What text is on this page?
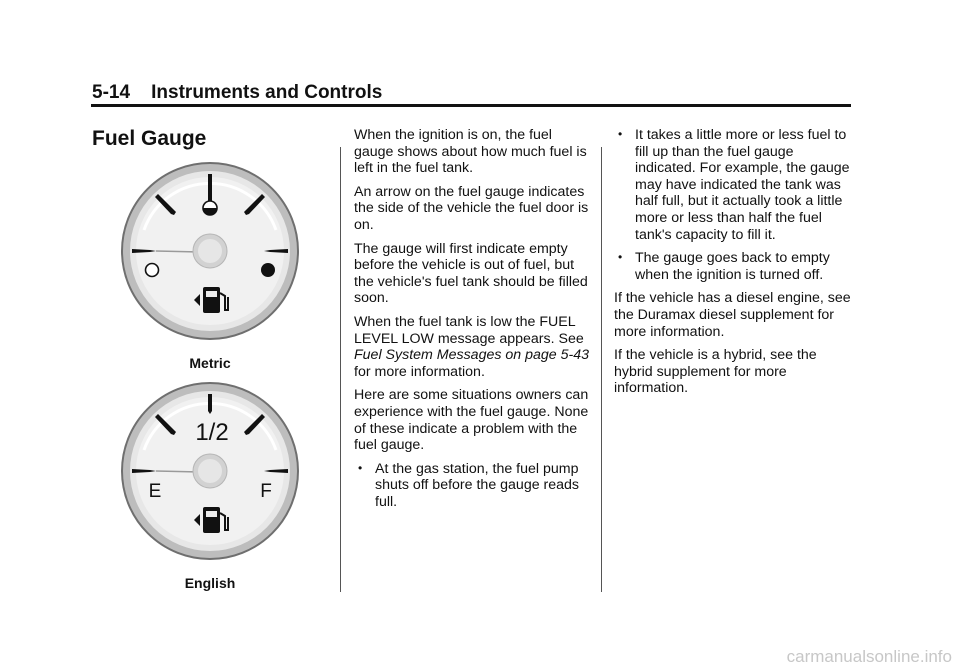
5-14 Instruments and Controls
Fuel Gauge
Metric
1/2
E	F
English

When the ignition is on, the fuel gauge shows about how much fuel is left in the fuel tank.

An arrow on the fuel gauge indicates the side of the vehicle the fuel door is on.

The gauge will first indicate empty before the vehicle is out of fuel, but the vehicle's fuel tank should be filled soon.

When the fuel tank is low the FUEL LEVEL LOW message appears. See Fuel System Messages on page 5-43 for more information.

Here are some situations owners can experience with the fuel gauge. None of these indicate a problem with the fuel gauge.

• At the gas station, the fuel pump shuts off before the gauge reads full.
• It takes a little more or less fuel to fill up than the fuel gauge indicated. For example, the gauge may have indicated the tank was half full, but it actually took a little more or less than half the fuel tank's capacity to fill it.
• The gauge goes back to empty when the ignition is turned off.

If the vehicle has a diesel engine, see the Duramax diesel supplement for more information.

If the vehicle is a hybrid, see the hybrid supplement for more information.

carmanualsonline.info
